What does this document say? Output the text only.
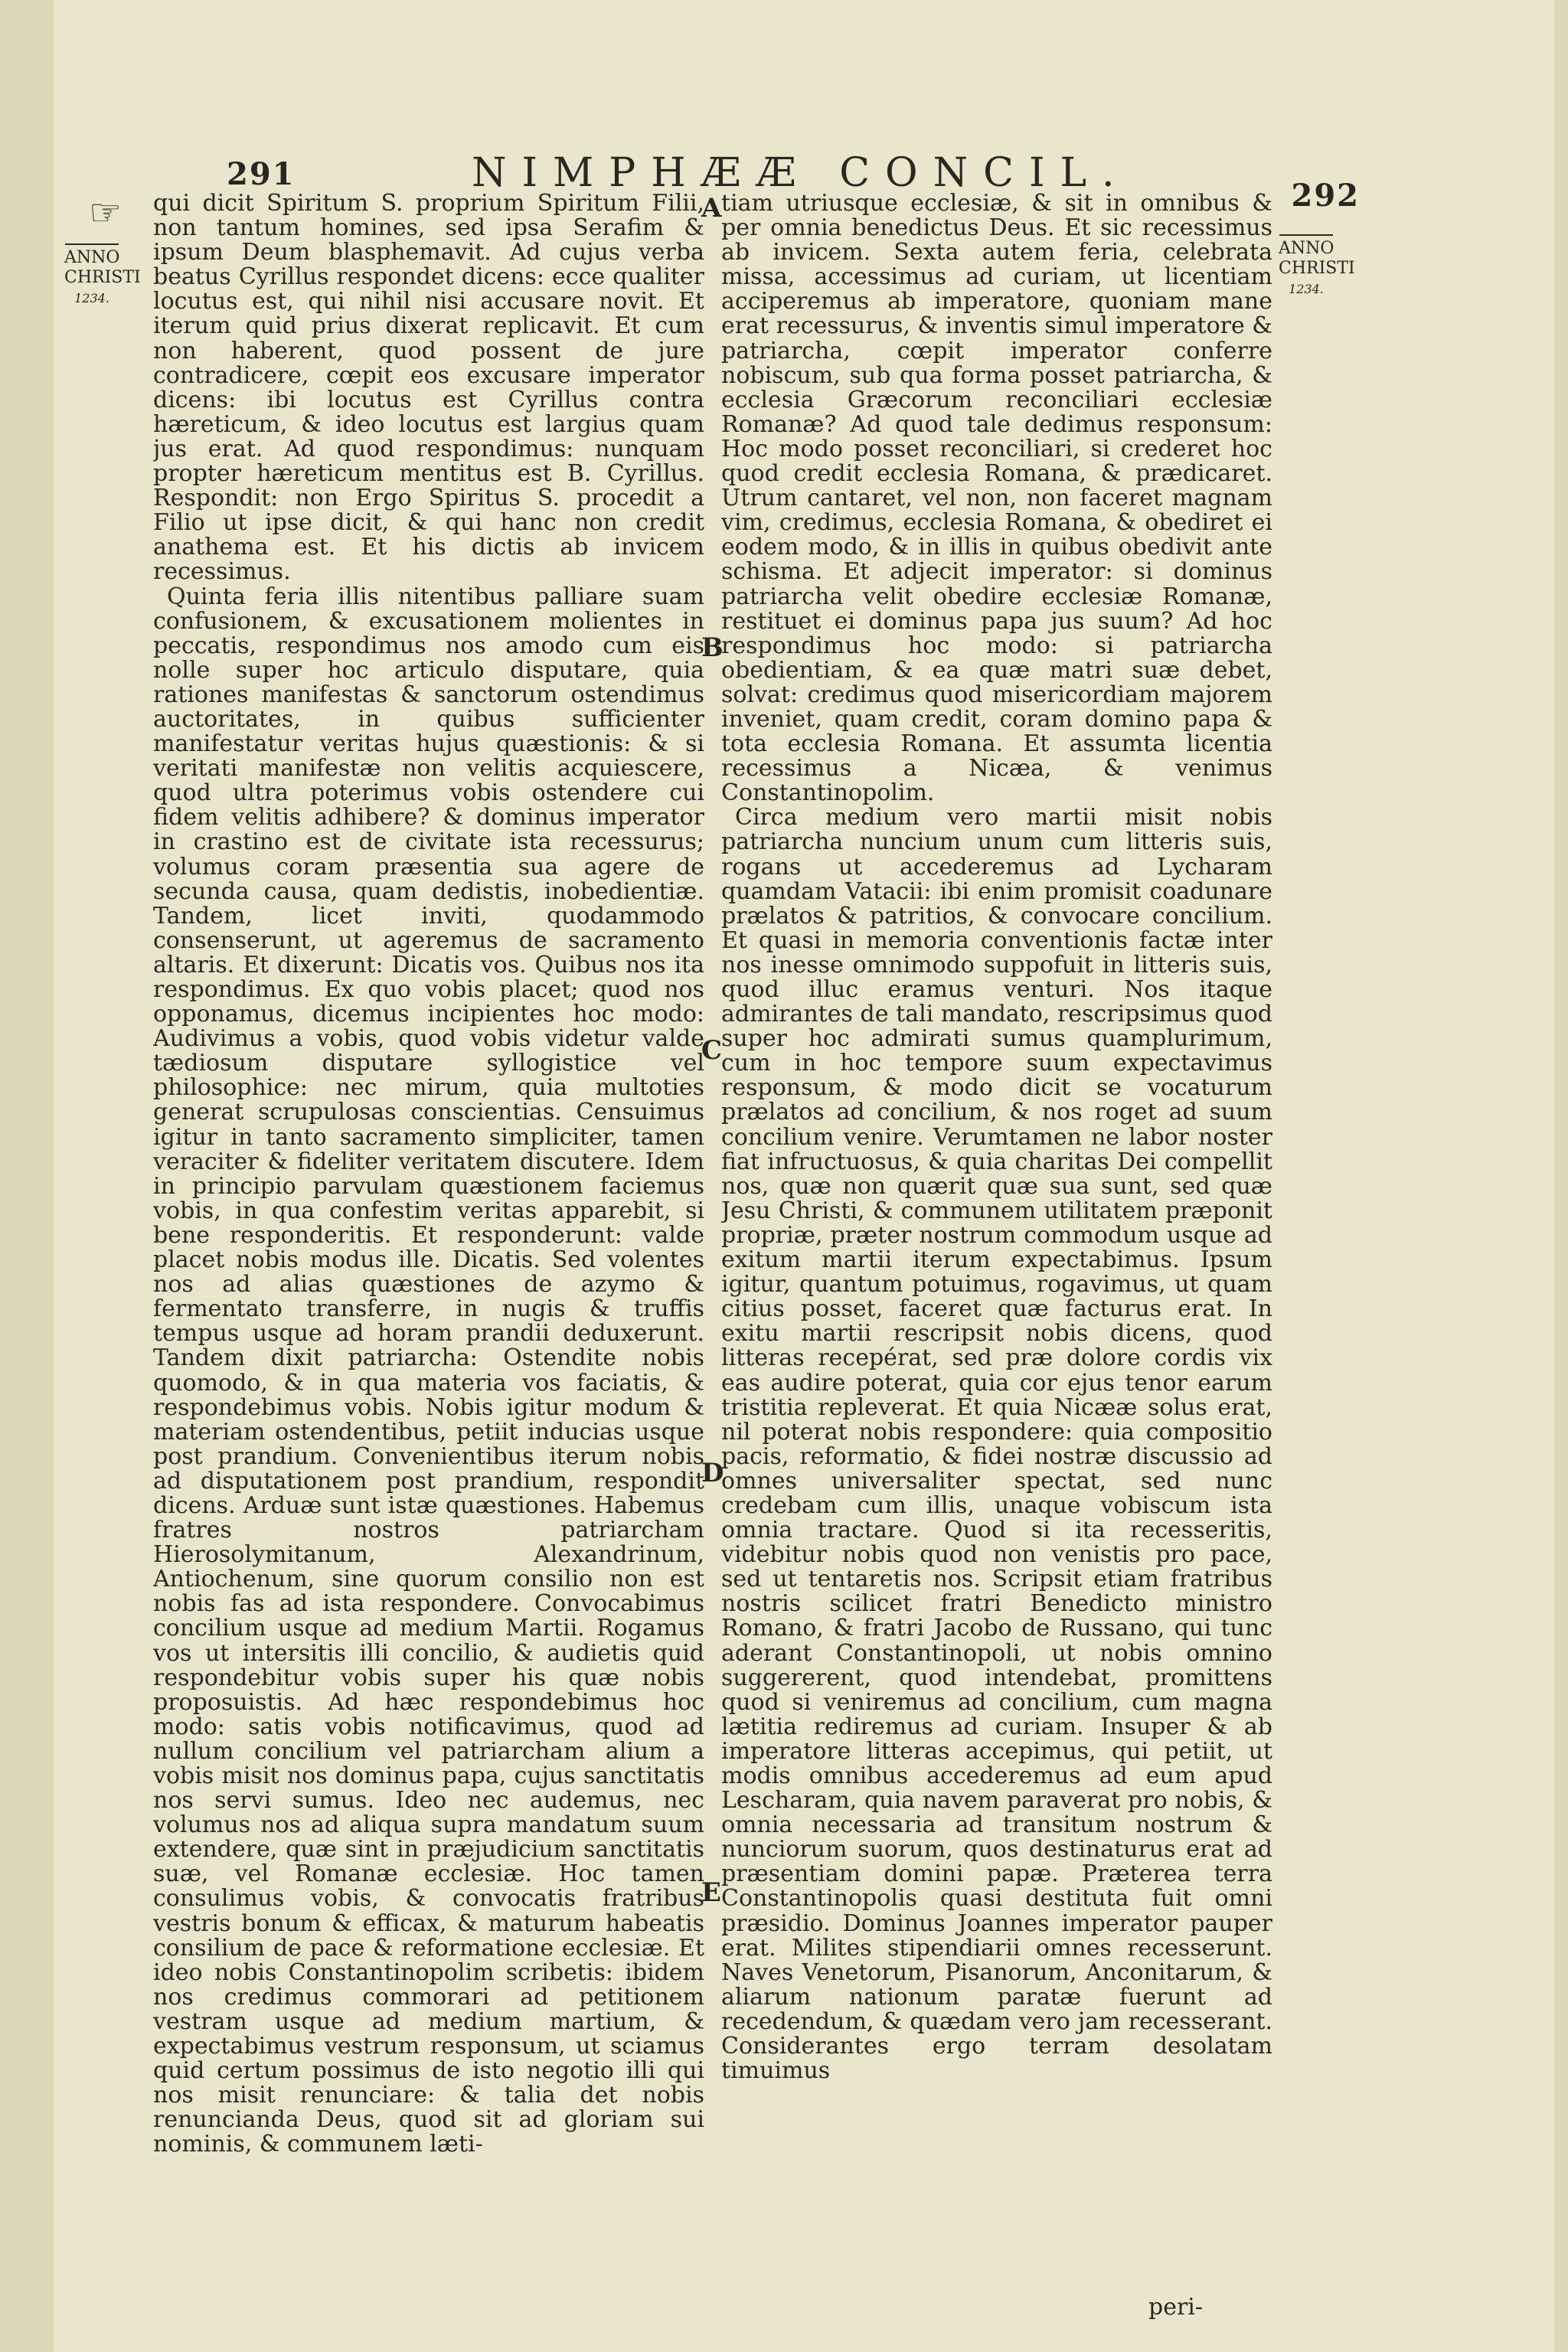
291	NIMPHÆÆ CONCIL.	292
☞
ANNO
CHRISTI
1234.
ANNO
CHRISTI
1234.
A
B
C
D
E

qui dicit Spiritum S. proprium Spiritum Filii, non tantum homines, sed ipsa Serafim & ipsum Deum blasphemavit. Ad cujus verba beatus Cyrillus respondet dicens: ecce qualiter locutus est, qui nihil nisi accusare novit. Et iterum quid prius dixerat replicavit. Et cum non haberent, quod possent de jure contradicere, cœpit eos excusare imperator dicens: ibi locutus est Cyrillus contra hæreticum, & ideo locutus est largius quam jus erat. Ad quod respondimus: nunquam propter hæreticum mentitus est B. Cyrillus. Respondit: non Ergo Spiritus S. procedit a Filio ut ipse dicit, & qui hanc non credit anathema est. Et his dictis ab invicem recessimus.

Quinta feria illis nitentibus palliare suam confusionem, & excusationem molientes in peccatis, respondimus nos amodo cum eis nolle super hoc articulo disputare, quia rationes manifestas & sanctorum ostendimus auctoritates, in quibus sufficienter manifestatur veritas hujus quæstionis: & si veritati manifestæ non velitis acquiescere, quod ultra poterimus vobis ostendere cui fidem velitis adhibere? & dominus imperator in crastino est de civitate ista recessurus; volumus coram præsentia sua agere de secunda causa, quam dedistis, inobedientiæ. Tandem, licet inviti, quodammodo consenserunt, ut ageremus de sacramento altaris. Et dixerunt: Dicatis vos. Quibus nos ita respondimus. Ex quo vobis placet; quod nos opponamus, dicemus incipientes hoc modo: Audivimus a vobis, quod vobis videtur valde tædiosum disputare syllogistice vel philosophice: nec mirum, quia multoties generat scrupulosas conscientias. Censuimus igitur in tanto sacramento simpliciter, tamen veraciter & fideliter veritatem discutere. Idem in principio parvulam quæstionem faciemus vobis, in qua confestim veritas apparebit, si bene responderitis. Et responderunt: valde placet nobis modus ille. Dicatis. Sed volentes nos ad alias quæstiones de azymo & fermentato transferre, in nugis & truffis tempus usque ad horam prandii deduxerunt. Tandem dixit patriarcha: Ostendite nobis quomodo, & in qua materia vos faciatis, & respondebimus vobis. Nobis igitur modum & materiam ostendentibus, petiit inducias usque post prandium. Convenientibus iterum nobis ad disputationem post prandium, respondit dicens. Arduæ sunt istæ quæstiones. Habemus fratres nostros patriarcham Hierosolymitanum, Alexandrinum, Antiochenum, sine quorum consilio non est nobis fas ad ista respondere. Convocabimus concilium usque ad medium Martii. Rogamus vos ut intersitis illi concilio, & audietis quid respondebitur vobis super his quæ nobis proposuistis. Ad hæc respondebimus hoc modo: satis vobis notificavimus, quod ad nullum concilium vel patriarcham alium a vobis misit nos dominus papa, cujus sanctitatis nos servi sumus. Ideo nec audemus, nec volumus nos ad aliqua supra mandatum suum extendere, quæ sint in præjudicium sanctitatis suæ, vel Romanæ ecclesiæ. Hoc tamen consulimus vobis, & convocatis fratribus vestris bonum & efficax, & maturum habeatis consilium de pace & reformatione ecclesiæ. Et ideo nobis Constantinopolim scribetis: ibidem nos credimus commorari ad petitionem vestram usque ad medium martium, & expectabimus vestrum responsum, ut sciamus quid certum possimus de isto negotio illi qui nos misit renunciare: & talia det nobis renuncianda Deus, quod sit ad gloriam sui nominis, & communem læti-

tiam utriusque ecclesiæ, & sit in omnibus & per omnia benedictus Deus. Et sic recessimus ab invicem. Sexta autem feria, celebrata missa, accessimus ad curiam, ut licentiam acciperemus ab imperatore, quoniam mane erat recessurus, & inventis simul imperatore & patriarcha, cœpit imperator conferre nobiscum, sub qua forma posset patriarcha, & ecclesia Græcorum reconciliari ecclesiæ Romanæ? Ad quod tale dedimus responsum: Hoc modo posset reconciliari, si crederet hoc quod credit ecclesia Romana, & prædicaret. Utrum cantaret, vel non, non faceret magnam vim, credimus, ecclesia Romana, & obediret ei eodem modo, & in illis in quibus obedivit ante schisma. Et adjecit imperator: si dominus patriarcha velit obedire ecclesiæ Romanæ, restituet ei dominus papa jus suum? Ad hoc respondimus hoc modo: si patriarcha obedientiam, & ea quæ matri suæ debet, solvat: credimus quod misericordiam majorem inveniet, quam credit, coram domino papa & tota ecclesia Romana. Et assumta licentia recessimus a Nicæa, & venimus Constantinopolim.

Circa medium vero martii misit nobis patriarcha nuncium unum cum litteris suis, rogans ut accederemus ad Lycharam quamdam Vatacii: ibi enim promisit coadunare prælatos & patritios, & convocare concilium. Et quasi in memoria conventionis factæ inter nos inesse omnimodo suppofuit in litteris suis, quod illuc eramus venturi. Nos itaque admirantes de tali mandato, rescripsimus quod super hoc admirati sumus quamplurimum, cum in hoc tempore suum expectavimus responsum, & modo dicit se vocaturum prælatos ad concilium, & nos roget ad suum concilium venire. Verumtamen ne labor noster fiat infructuosus, & quia charitas Dei compellit nos, quæ non quærit quæ sua sunt, sed quæ Jesu Christi, & communem utilitatem præponit propriæ, præter nostrum commodum usque ad exitum martii iterum expectabimus. Ipsum igitur, quantum potuimus, rogavimus, ut quam citius posset, faceret quæ facturus erat. In exitu martii rescripsit nobis dicens, quod litteras recepérat, sed præ dolore cordis vix eas audire poterat, quia cor ejus tenor earum tristitia repleverat. Et quia Nicææ solus erat, nil poterat nobis respondere: quia compositio pacis, reformatio, & fidei nostræ discussio ad omnes universaliter spectat, sed nunc credebam cum illis, unaque vobiscum ista omnia tractare. Quod si ita recesseritis, videbitur nobis quod non venistis pro pace, sed ut tentaretis nos. Scripsit etiam fratribus nostris scilicet fratri Benedicto ministro Romano, & fratri Jacobo de Russano, qui tunc aderant Constantinopoli, ut nobis omnino suggererent, quod intendebat, promittens quod si veniremus ad concilium, cum magna lætitia rediremus ad curiam. Insuper & ab imperatore litteras accepimus, qui petiit, ut modis omnibus accederemus ad eum apud Lescharam, quia navem paraverat pro nobis, & omnia necessaria ad transitum nostrum & nunciorum suorum, quos destinaturus erat ad præsentiam domini papæ. Præterea terra Constantinopolis quasi destituta fuit omni præsidio. Dominus Joannes imperator pauper erat. Milites stipendiarii omnes recesserunt. Naves Venetorum, Pisanorum, Anconitarum, & aliarum nationum paratæ fuerunt ad recedendum, & quædam vero jam recesserant. Considerantes ergo terram desolatam timuimus

peri-
